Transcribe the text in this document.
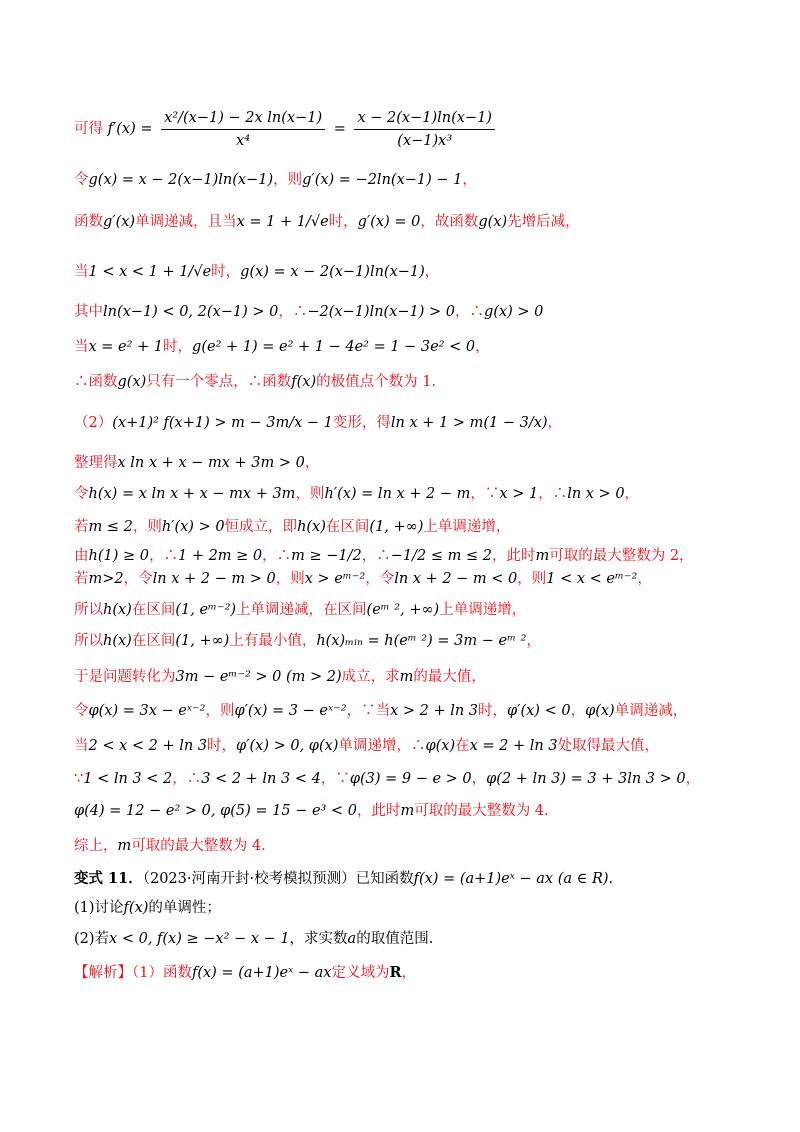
可得 $f'(x) = \frac{\text{x²/(x−1) − 2x ln(x−1)}}{\text{x⁴}} = \frac{x - 2(x-1)\ln(x-1)}{\text{(x−1)x³}}$
令g(x) = x − 2(x−1)ln(x−1)，则g′(x) = −2ln(x−1) − 1，
函数g′(x)单调递减，且当x = 1 + 1/√e时，g′(x) = 0，故函数g(x)先增后减，
当1 < x < 1 + 1/√e时，g(x) = x − 2(x−1)ln(x−1)，
其中ln(x−1) < 0, 2(x−1) > 0，∴−2(x−1)ln(x−1) > 0，∴g(x) > 0
当x = e² + 1时，g(e² + 1) = e² + 1 − 4e² = 1 − 3e² < 0，
∴函数g(x)只有一个零点，∴函数f(x)的极值点个数为 1.
（2）(x+1)² f(x+1) > m − 3m/x − 1变形，得ln x + 1 > m(1 − 3/x)，
整理得x ln x + x − mx + 3m > 0，
令h(x) = x ln x + x − mx + 3m，则h′(x) = ln x + 2 − m，∵x > 1，∴ln x > 0，
若m ≤ 2，则h′(x) > 0恒成立，即h(x)在区间(1, +∞)上单调递增，
由h(1) ≥ 0，∴1 + 2m ≥ 0，∴m ≥ −1/2，∴−1/2 ≤ m ≤ 2，此时m可取的最大整数为 2，
若m>2，令ln x + 2 − m > 0，则x > eᵐ⁻²，令ln x + 2 − m < 0，则1 < x < eᵐ⁻²，
所以h(x)在区间(1, eᵐ⁻²)上单调递减，在区间(eᵐ ², +∞)上单调递增，
所以h(x)在区间(1, +∞)上有最小值，h(x)ₘᵢₙ = h(eᵐ ²) = 3m − eᵐ ²，
于是问题转化为3m − eᵐ⁻² > 0 (m > 2)成立，求m的最大值，
令φ(x) = 3x − eˣ⁻²，则φ′(x) = 3 − eˣ⁻²，∵当x > 2 + ln 3时，φ′(x) < 0，φ(x)单调递减，
当2 < x < 2 + ln 3时，φ′(x) > 0, φ(x)单调递增，∴φ(x)在x = 2 + ln 3处取得最大值，
∵1 < ln 3 < 2，∴3 < 2 + ln 3 < 4，∵φ(3) = 9 − e > 0，φ(2 + ln 3) = 3 + 3ln 3 > 0，
φ(4) = 12 − e² > 0, φ(5) = 15 − e³ < 0，此时m可取的最大整数为 4.
综上，m可取的最大整数为 4.
变式 11．（2023·河南开封·校考模拟预测）已知函数f(x) = (a+1)eˣ − ax (a ∈ R).
(1)讨论f(x)的单调性；
(2)若x < 0, f(x) ≥ −x² − x − 1，求实数a的取值范围.
【解析】（1）函数f(x) = (a+1)eˣ − ax定义域为R，
